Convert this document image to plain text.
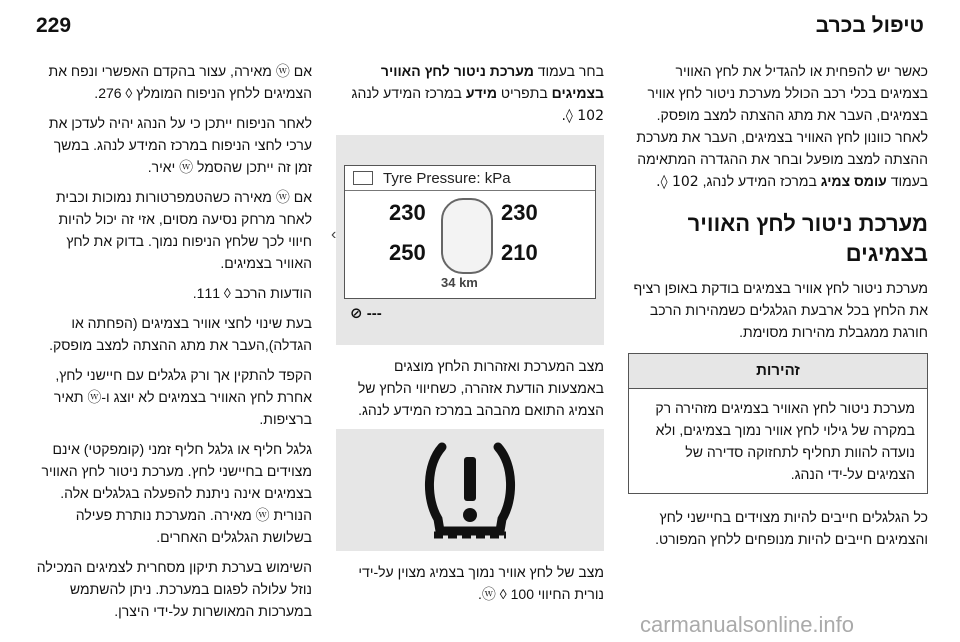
229	טיפול בכרב

כאשר יש להפחית או להגדיל את לחץ האוויר בצמיגים בכלי רכב הכולל מערכת ניטור לחץ אוויר בצמיגים, העבר את מתג ההצתה למצב מופסק. לאחר כוונון לחץ האוויר בצמיגים, העבר את מערכת ההצתה למצב מופעל ובחר את ההגדרה המתאימה בעמוד עומס צמיג במרכז המידע לנהג, 102 ◊.

מערכת ניטור לחץ האוויר בצמיגים

מערכת ניטור לחץ אוויר בצמיגים בודקת באופן רציף את הלחץ בכל ארבעת הגלגלים כשמהירות הרכב חורגת ממגבלת מהירות מסוימת.

זהירות
מערכת ניטור לחץ האוויר בצמיגים מזהירה רק במקרה של גילוי לחץ אוויר נמוך בצמיגים, ולא נועדה להוות תחליף לתחזוקה סדירה של הצמיגים על-ידי הנהג.

כל הגלגלים חייבים להיות מצוידים בחיישני לחץ והצמיגים חייבים להיות מנופחים ללחץ המפורט.

בחר בעמוד מערכת ניטור לחץ האוויר בצמיגים בתפריט מידע במרכז המידע לנהג 102 ◊.

Tyre Pressure: kPa
‹
230	230
250	210
34 km
⊘ ---

מצב המערכת ואזהרות הלחץ מוצגים באמצעות הודעת אזהרה, כשחיווי הלחץ של הצמיג התואם מהבהב במרכז המידע לנהג.

מצב של לחץ אוויר נמוך בצמיג מצוין על-ידי נורית החיווי ⓦ ◊ 100.

אם ⓦ מאירה, עצור בהקדם האפשרי ונפח את הצמיגים ללחץ הניפוח המומלץ ◊ 276.

לאחר הניפוח ייתכן כי על הנהג יהיה לעדכן את ערכי לחצי הניפוח במרכז המידע לנהג. במשך זמן זה ייתכן שהסמל ⓦ יאיר.

אם ⓦ מאירה כשהטמפרטורות נמוכות וכבית לאחר מרחק נסיעה מסוים, אזי זה יכול להיות חיווי לכך שלחץ הניפוח נמוך. בדוק את לחץ האוויר בצמיגים.

הודעות הרכב ◊ 111.

בעת שינוי לחצי אוויר בצמיגים (הפחתה או הגדלה),העבר את מתג ההצתה למצב מופסק.

הקפד להתקין אך ורק גלגלים עם חיישני לחץ, אחרת לחץ האוויר בצמיגים לא יוצג ו-ⓦ תאיר ברציפות.

גלגל חליף או גלגל חליף זמני (קומפקטי) אינם מצוידים בחיישני לחץ. מערכת ניטור לחץ האוויר בצמיגים אינה ניתנת להפעלה בגלגלים אלה. הנורית ⓦ מאירה. המערכת נותרת פעילה בשלושת הגלגלים האחרים.

השימוש בערכת תיקון מסחרית לצמיגים המכילה נוזל עלולה לפגום במערכת. ניתן להשתמש במערכות המאושרות על-ידי היצרן.

carmanualsonline.info
